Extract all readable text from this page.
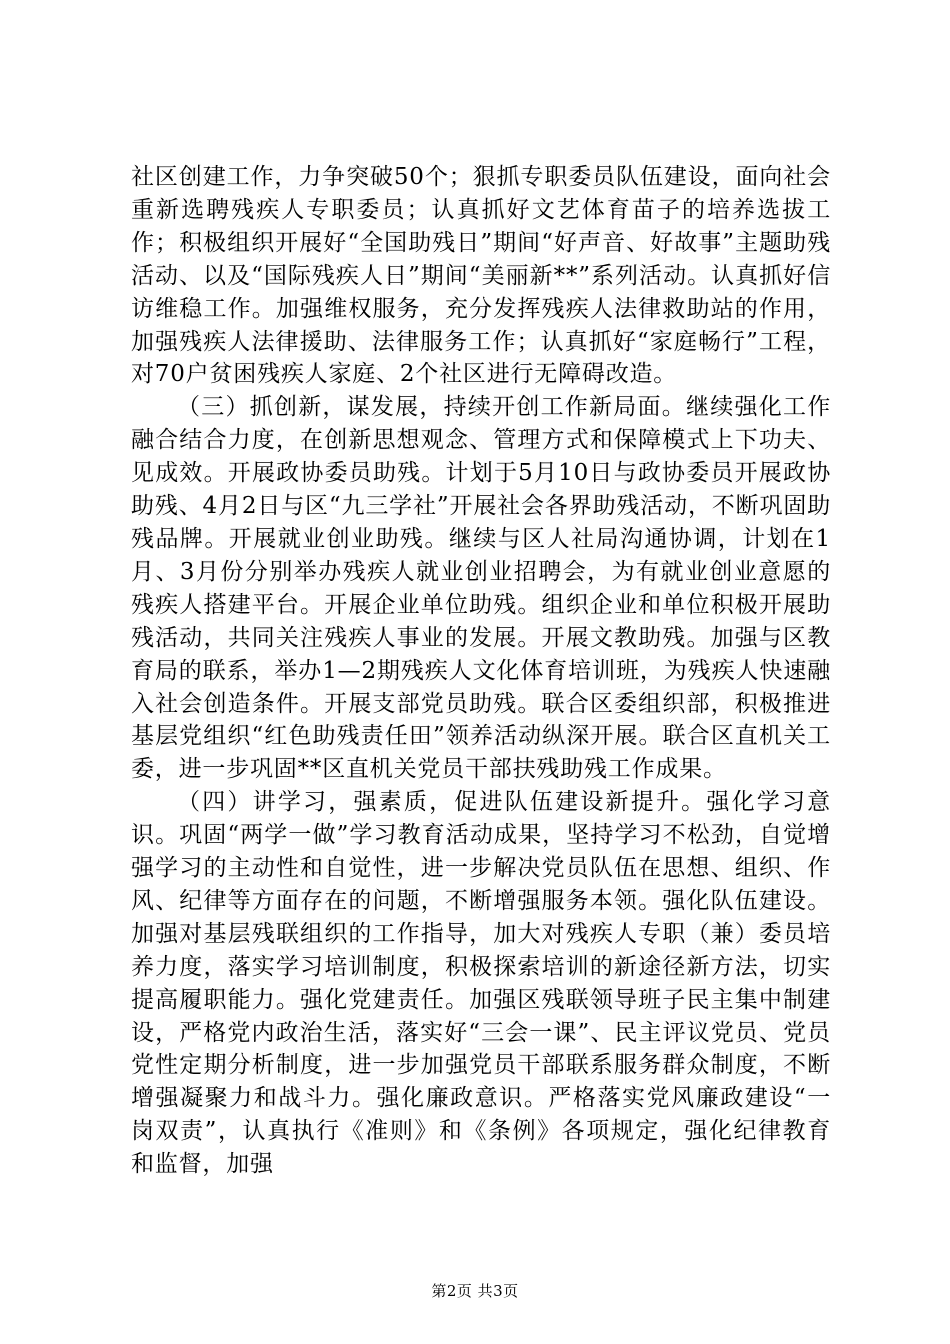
社区创建工作，力争突破50个；狠抓专职委员队伍建设，面向社会重新选聘残疾人专职委员；认真抓好文艺体育苗子的培养选拔工作；积极组织开展好“全国助残日”期间“好声音、好故事”主题助残活动、以及“国际残疾人日”期间“美丽新**”系列活动。认真抓好信访维稳工作。加强维权服务，充分发挥残疾人法律救助站的作用，加强残疾人法律援助、法律服务工作；认真抓好“家庭畅行”工程，对70户贫困残疾人家庭、2个社区进行无障碍改造。

（三）抓创新，谋发展，持续开创工作新局面。继续强化工作融合结合力度，在创新思想观念、管理方式和保障模式上下功夫、见成效。开展政协委员助残。计划于5月10日与政协委员开展政协助残、4月2日与区“九三学社”开展社会各界助残活动，不断巩固助残品牌。开展就业创业助残。继续与区人社局沟通协调，计划在1月、3月份分别举办残疾人就业创业招聘会，为有就业创业意愿的残疾人搭建平台。开展企业单位助残。组织企业和单位积极开展助残活动，共同关注残疾人事业的发展。开展文教助残。加强与区教育局的联系，举办1—2期残疾人文化体育培训班，为残疾人快速融入社会创造条件。开展支部党员助残。联合区委组织部，积极推进基层党组织“红色助残责任田”领养活动纵深开展。联合区直机关工委，进一步巩固**区直机关党员干部扶残助残工作成果。

（四）讲学习，强素质，促进队伍建设新提升。强化学习意识。巩固“两学一做”学习教育活动成果，坚持学习不松劲，自觉增强学习的主动性和自觉性，进一步解决党员队伍在思想、组织、作风、纪律等方面存在的问题，不断增强服务本领。强化队伍建设。加强对基层残联组织的工作指导，加大对残疾人专职（兼）委员培养力度，落实学习培训制度，积极探索培训的新途径新方法，切实提高履职能力。强化党建责任。加强区残联领导班子民主集中制建设，严格党内政治生活，落实好“三会一课”、民主评议党员、党员党性定期分析制度，进一步加强党员干部联系服务群众制度，不断增强凝聚力和战斗力。强化廉政意识。严格落实党风廉政建设“一岗双责”，认真执行《准则》和《条例》各项规定，强化纪律教育和监督，加强

第2页 共3页
